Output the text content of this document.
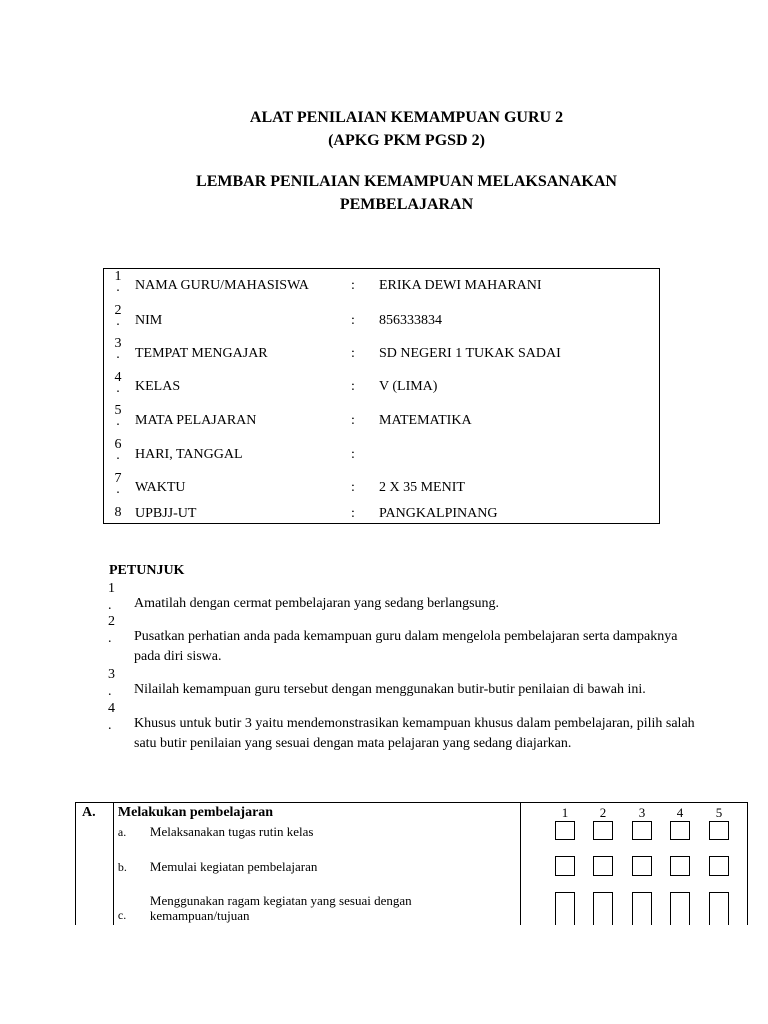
ALAT PENILAIAN KEMAMPUAN GURU 2
(APKG PKM PGSD 2)
LEMBAR PENILAIAN KEMAMPUAN MELAKSANAKAN
PEMBELAJARAN
1
.	NAMA GURU/MAHASISWA	: ERIKA DEWI MAHARANI
2
.	NIM	: 856333834
3
.	TEMPAT MENGAJAR	: SD NEGERI 1 TUKAK SADAI
4
.	KELAS	: V (LIMA)
5
.	MATA PELAJARAN	: MATEMATIKA
6
.	HARI, TANGGAL	:
7
.	WAKTU	: 2 X 35 MENIT
8 UPBJJ-UT	: PANGKALPINANG
PETUNJUK
1
.	Amatilah dengan cermat pembelajaran yang sedang berlangsung.
2
.	Pusatkan perhatian anda pada kemampuan guru dalam mengelola pembelajaran serta dampaknya pada diri siswa.
3
.	Nilailah kemampuan guru tersebut dengan menggunakan butir-butir penilaian di bawah ini.
4
.	Khusus untuk butir 3 yaitu mendemonstrasikan kemampuan khusus dalam pembelajaran, pilih salah satu butir penilaian yang sesuai dengan mata pelajaran yang sedang diajarkan.
A.	Melakukan pembelajaran
a. Melaksanakan tugas rutin kelas
b. Memulai kegiatan pembelajaran
c.
Menggunakan ragam kegiatan yang sesuai dengan kemampuan/tujuan

1	2	3	4	5
